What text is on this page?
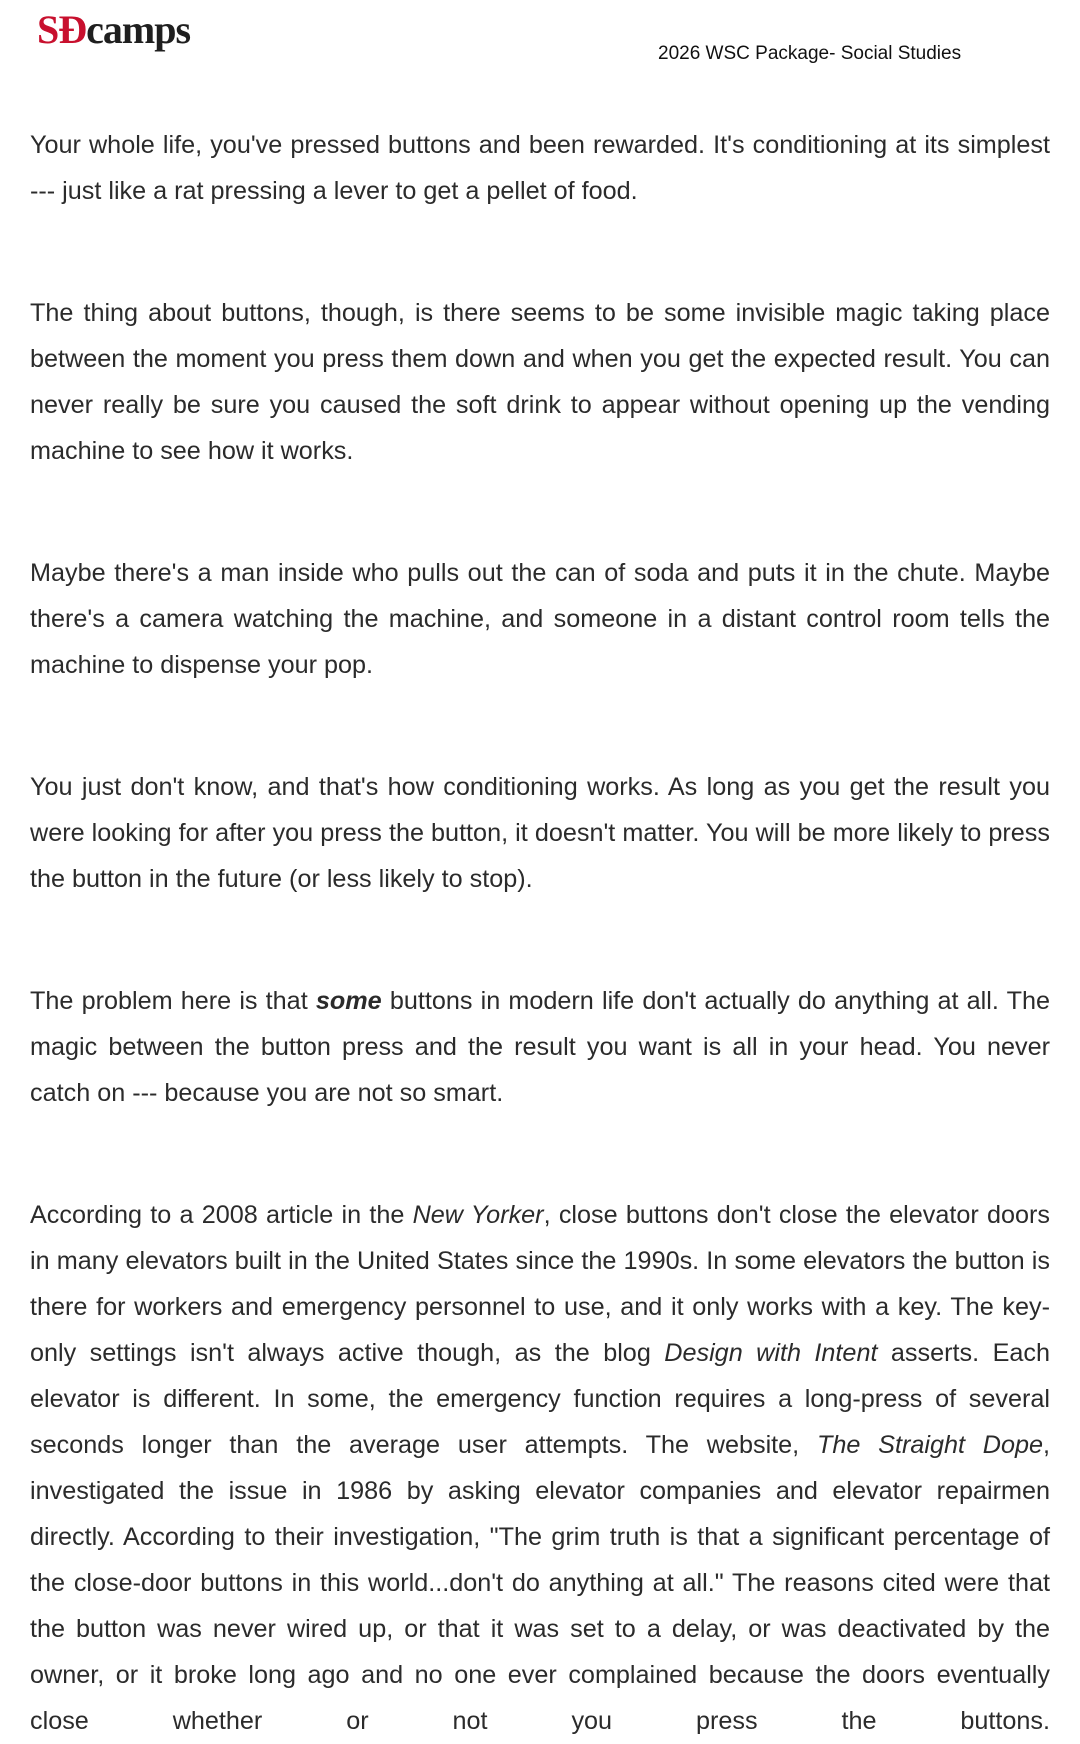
SĐcamps
2026 WSC Package- Social Studies

Your whole life, you've pressed buttons and been rewarded. It's conditioning at its simplest --- just like a rat pressing a lever to get a pellet of food.

The thing about buttons, though, is there seems to be some invisible magic taking place between the moment you press them down and when you get the expected result. You can never really be sure you caused the soft drink to appear without opening up the vending machine to see how it works.

Maybe there's a man inside who pulls out the can of soda and puts it in the chute. Maybe there's a camera watching the machine, and someone in a distant control room tells the machine to dispense your pop.

You just don't know, and that's how conditioning works. As long as you get the result you were looking for after you press the button, it doesn't matter. You will be more likely to press the button in the future (or less likely to stop).

The problem here is that some buttons in modern life don't actually do anything at all. The magic between the button press and the result you want is all in your head. You never catch on --- because you are not so smart.

According to a 2008 article in the New Yorker, close buttons don't close the elevator doors in many elevators built in the United States since the 1990s. In some elevators the button is there for workers and emergency personnel to use, and it only works with a key. The key-only settings isn't always active though, as the blog Design with Intent asserts. Each elevator is different. In some, the emergency function requires a long-press of several seconds longer than the average user attempts. The website, The Straight Dope, investigated the issue in 1986 by asking elevator companies and elevator repairmen directly. According to their investigation, "The grim truth is that a significant percentage of the close-door buttons in this world...don't do anything at all." The reasons cited were that the button was never wired up, or that it was set to a delay, or was deactivated by the owner, or it broke long ago and no one ever complained because the doors eventually close whether or not you press the buttons.
